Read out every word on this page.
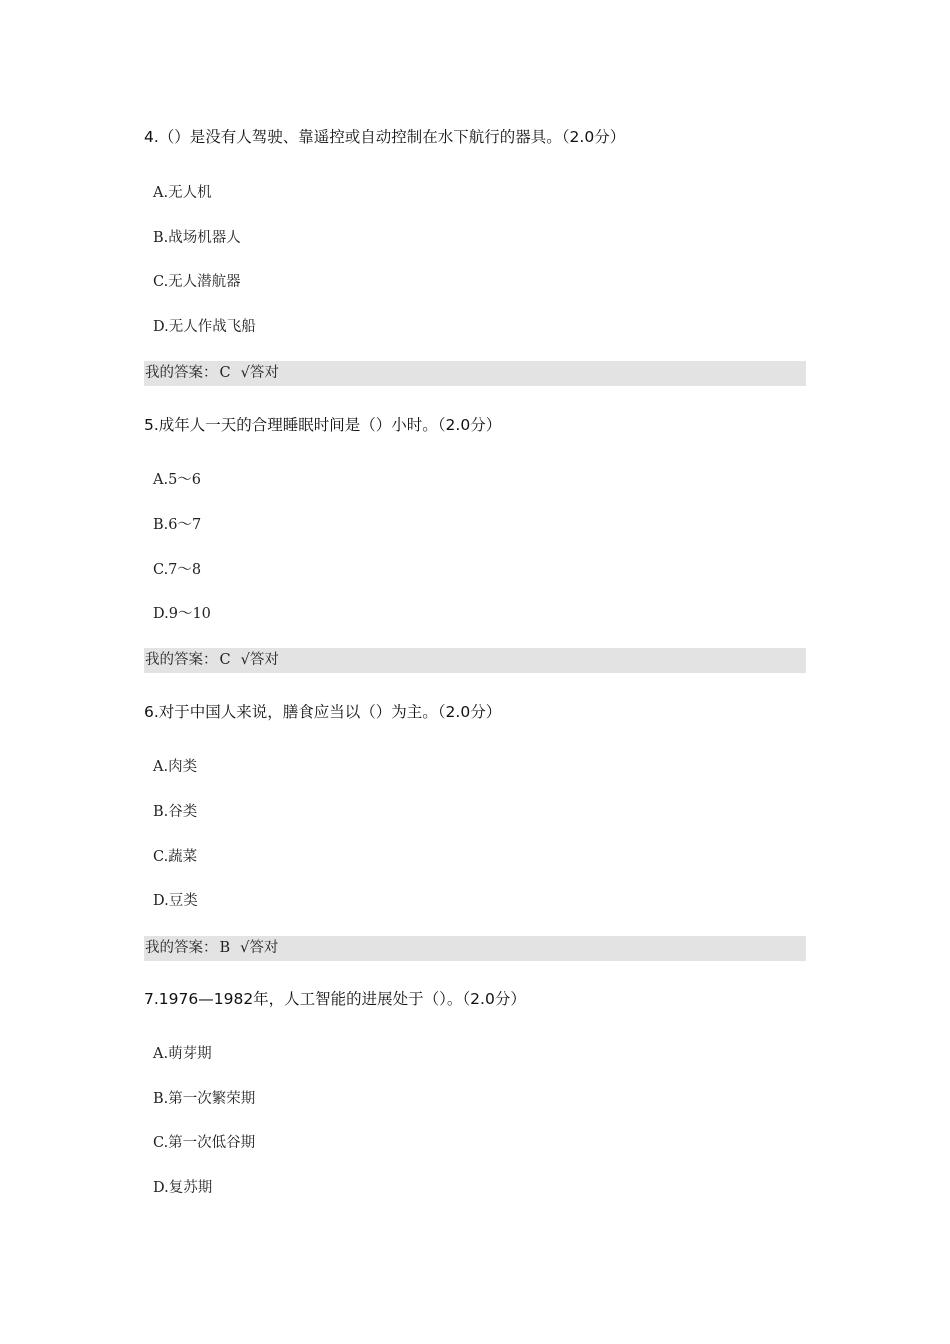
4.（）是没有人驾驶、靠遥控或自动控制在水下航行的器具。（2.0分）
A.无人机
B.战场机器人
C.无人潜航器
D.无人作战飞船
我的答案： C √答对
5.成年人一天的合理睡眠时间是（）小时。（2.0分）
A.5～6
B.6～7
C.7～8
D.9～10
我的答案： C √答对
6.对于中国人来说，膳食应当以（）为主。（2.0分）
A.肉类
B.谷类
C.蔬菜
D.豆类
我的答案： B √答对
7.1976—1982年，人工智能的进展处于（）。（2.0分）
A.萌芽期
B.第一次繁荣期
C.第一次低谷期
D.复苏期
